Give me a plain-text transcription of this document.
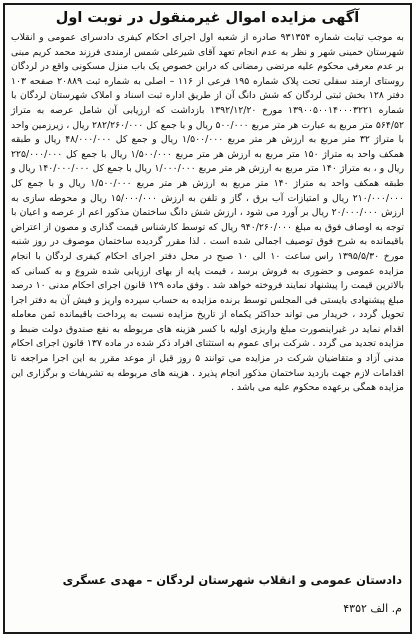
آگهی مزایده اموال غیرمنقول در نوبت اول
به موجب تیابت شماره ۹۳۱۳۵۴ صادره از شعبه اول اجرای احکام کیفری دادسرای عمومی و انقلاب شهرستان خمینی شهر و نظر به عدم انجام تعهد آقای شیرعلی شمس ارمندی فرزند محمد کریم مبنی بر عدم معرفی محکوم علیه مرتضی رمضانی که دراین خصوص یک باب منزل مسکونی واقع در لردگان روستای ارمند سفلی تحت پلاک شماره ۱۹۵ فرعی از ۱۱۶ – اصلی به شماره ثبت ۲۰۸۸۹ صفحه ۱۰۳ دفتر ۱۲۸ بخش ثبتی لردگان که شش دانگ آن از طریق اداره ثبت اسناد و املاک شهرستان لردگان با شماره ۱۳۹۰۰۵۰۰۱۴۰۰۰۳۲۲۱ مورخ ۱۳۹۲/۱۲/۲۰ بازداشت که ارزیابی آن شامل عرصه به متراژ ۵۶۴/۵۲ متر مربع به عبارت هر متر مربع ۵۰۰/۰۰۰ ریال و با جمع کل ۲۸۲/۲۶۰/۰۰۰ ریال ، زیرزمین واحد با متراژ ۳۲ متر مربع به ارزش هر متر مربع ۱/۵۰۰/۰۰۰ ریال و جمع کل ۴۸/۰۰۰/۰۰۰ ریال و طبقه همکف واحد به متراژ ۱۵۰ متر مربع به ارزش هر متر مربع ۱/۵۰۰/۰۰۰ ریال با جمع کل ۲۲۵/۰۰۰/۰۰۰ ریال و ، به متراژ ۱۴۰ متر مربع به ارزش هر متر مربع ۱/۰۰۰/۰۰۰ ریال با جمع کل ۱۴۰/۰۰۰/۰۰۰ ریال و طبقه همکف واحد به متراژ ۱۴۰ متر مربع به ارزش هر متر مربع ۱/۵۰۰/۰۰۰ ریال و با جمع کل ۲۱۰/۰۰۰/۰۰۰ ریال و امتیازات آب برق ، گاز و تلفن به ارزش ۱۵/۰۰۰/۰۰۰ ریال و محوطه سازی به ارزش ۲۰/۰۰۰/۰۰۰ ریال بر آورد می شود ، ارزش شش دانگ ساختمان مذکور اعم از عرصه و اعیان با توجه به اوصاف فوق به مبلغ ۹۴۰/۲۶۰/۰۰۰ ریال که توسط کارشناس قیمت گذاری و مصون از اعتراض باقیمانده به شرح فوق توصیف اجمالی شده است . لذا مقرر گردیده ساختمان موصوف در روز شنبه مورخ ۱۳۹۵/۵/۳۰ راس ساعت ۱۰ الی ۱۰ صبح در محل دفتر اجرای احکام کیفری لردگان با انجام مزایده عمومی و حضوری به فروش برسد ، قیمت پایه از بهای ارزیابی شده شروع و به کسانی که بالاترین قیمت را پیشنهاد نمایند فروخته خواهد شد . وفق ماده ۱۲۹ قانون اجرای احکام مدنی ۱۰ درصد مبلغ پیشنهادی بایستی فی المجلس توسط برنده مزایده به حساب سپرده واریز و فیش آن به دفتر اجرا تحویل گردد ، خریدار می تواند حداکثر یکماه از تاریخ مزایده نسبت به پرداخت باقیمانده ثمن معامله اقدام نماید در غیراینصورت مبلغ واریزی اولیه با کسر هزینه های مربوطه به نفع صندوق دولت ضبط و مزایده تجدید می گردد . شرکت برای عموم به استثنای افراد ذکر شده در ماده ۱۳۷ قانون اجرای احکام مدنی آزاد و متقاضیان شرکت در مزایده می توانند ۵ روز قبل از موعد مقرر به این اجرا مراجعه تا اقدامات لازم جهت بازدید ساختمان مذکور انجام پذیرد . هزینه های مربوطه به تشریفات و برگزاری این مزایده همگی برعهده محکوم علیه می باشد .
دادستان عمومی و انقلاب شهرستان لردگان – مهدی عسگری
م. الف ۴۳۵۲
